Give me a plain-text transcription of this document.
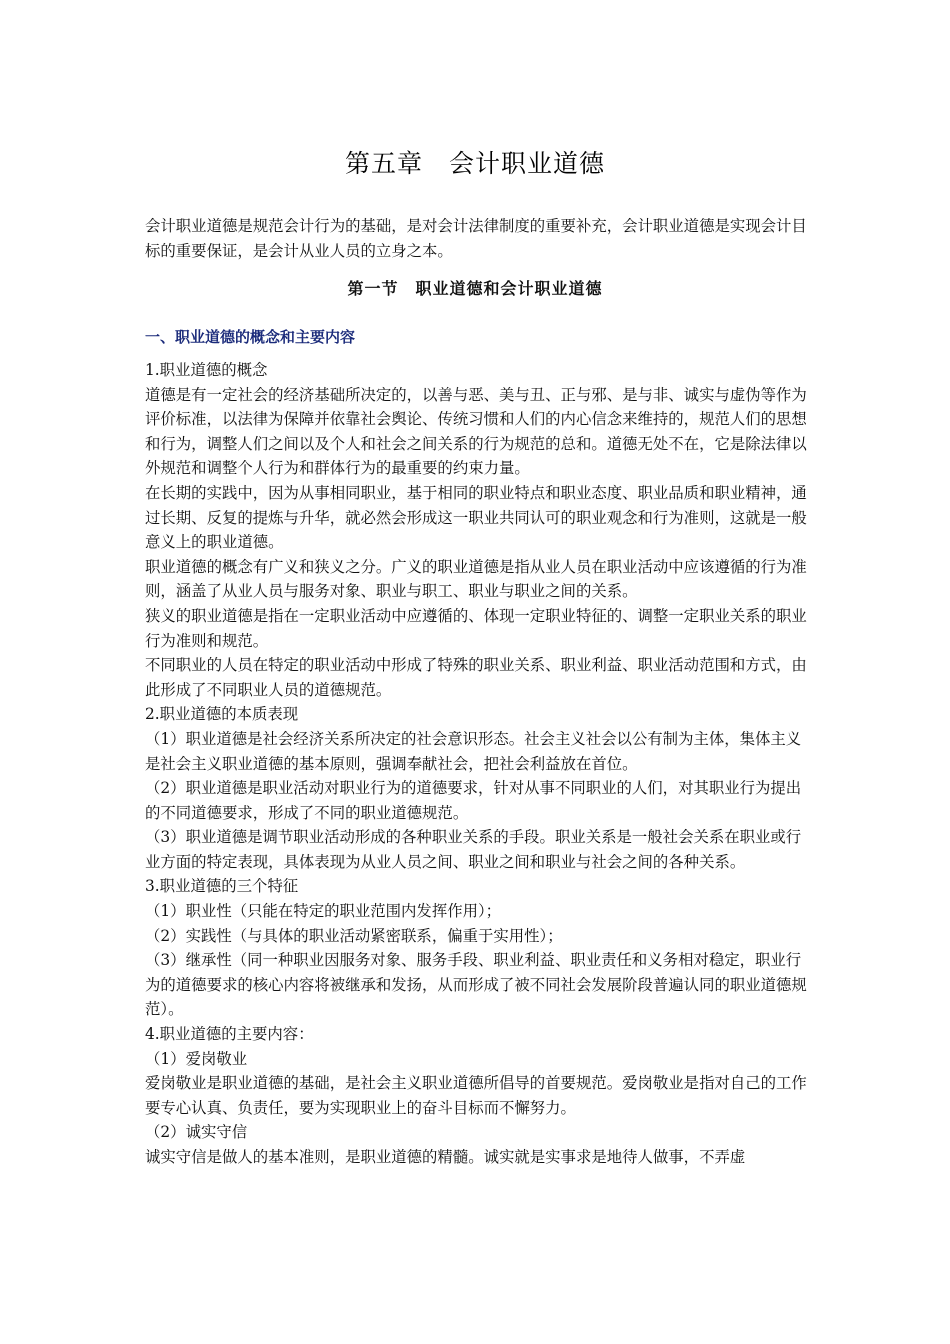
第五章　会计职业道德

会计职业道德是规范会计行为的基础，是对会计法律制度的重要补充，会计职业道德是实现会计目标的重要保证，是会计从业人员的立身之本。

第一节　职业道德和会计职业道德
一、职业道德的概念和主要内容

1.职业道德的概念

道德是有一定社会的经济基础所决定的，以善与恶、美与丑、正与邪、是与非、诚实与虚伪等作为评价标准，以法律为保障并依靠社会舆论、传统习惯和人们的内心信念来维持的，规范人们的思想和行为，调整人们之间以及个人和社会之间关系的行为规范的总和。道德无处不在，它是除法律以外规范和调整个人行为和群体行为的最重要的约束力量。

在长期的实践中，因为从事相同职业，基于相同的职业特点和职业态度、职业品质和职业精神，通过长期、反复的提炼与升华，就必然会形成这一职业共同认可的职业观念和行为准则，这就是一般意义上的职业道德。

职业道德的概念有广义和狭义之分。广义的职业道德是指从业人员在职业活动中应该遵循的行为准则，涵盖了从业人员与服务对象、职业与职工、职业与职业之间的关系。

狭义的职业道德是指在一定职业活动中应遵循的、体现一定职业特征的、调整一定职业关系的职业行为准则和规范。

不同职业的人员在特定的职业活动中形成了特殊的职业关系、职业利益、职业活动范围和方式，由此形成了不同职业人员的道德规范。

2.职业道德的本质表现

（1）职业道德是社会经济关系所决定的社会意识形态。社会主义社会以公有制为主体，集体主义是社会主义职业道德的基本原则，强调奉献社会，把社会利益放在首位。

（2）职业道德是职业活动对职业行为的道德要求，针对从事不同职业的人们，对其职业行为提出的不同道德要求，形成了不同的职业道德规范。

（3）职业道德是调节职业活动形成的各种职业关系的手段。职业关系是一般社会关系在职业或行业方面的特定表现，具体表现为从业人员之间、职业之间和职业与社会之间的各种关系。

3.职业道德的三个特征

（1）职业性（只能在特定的职业范围内发挥作用）；

（2）实践性（与具体的职业活动紧密联系，偏重于实用性）；

（3）继承性（同一种职业因服务对象、服务手段、职业利益、职业责任和义务相对稳定，职业行为的道德要求的核心内容将被继承和发扬，从而形成了被不同社会发展阶段普遍认同的职业道德规范）。

4.职业道德的主要内容：

（1）爱岗敬业

爱岗敬业是职业道德的基础，是社会主义职业道德所倡导的首要规范。爱岗敬业是指对自己的工作要专心认真、负责任，要为实现职业上的奋斗目标而不懈努力。

（2）诚实守信

诚实守信是做人的基本准则，是职业道德的精髓。诚实就是实事求是地待人做事，不弄虚
